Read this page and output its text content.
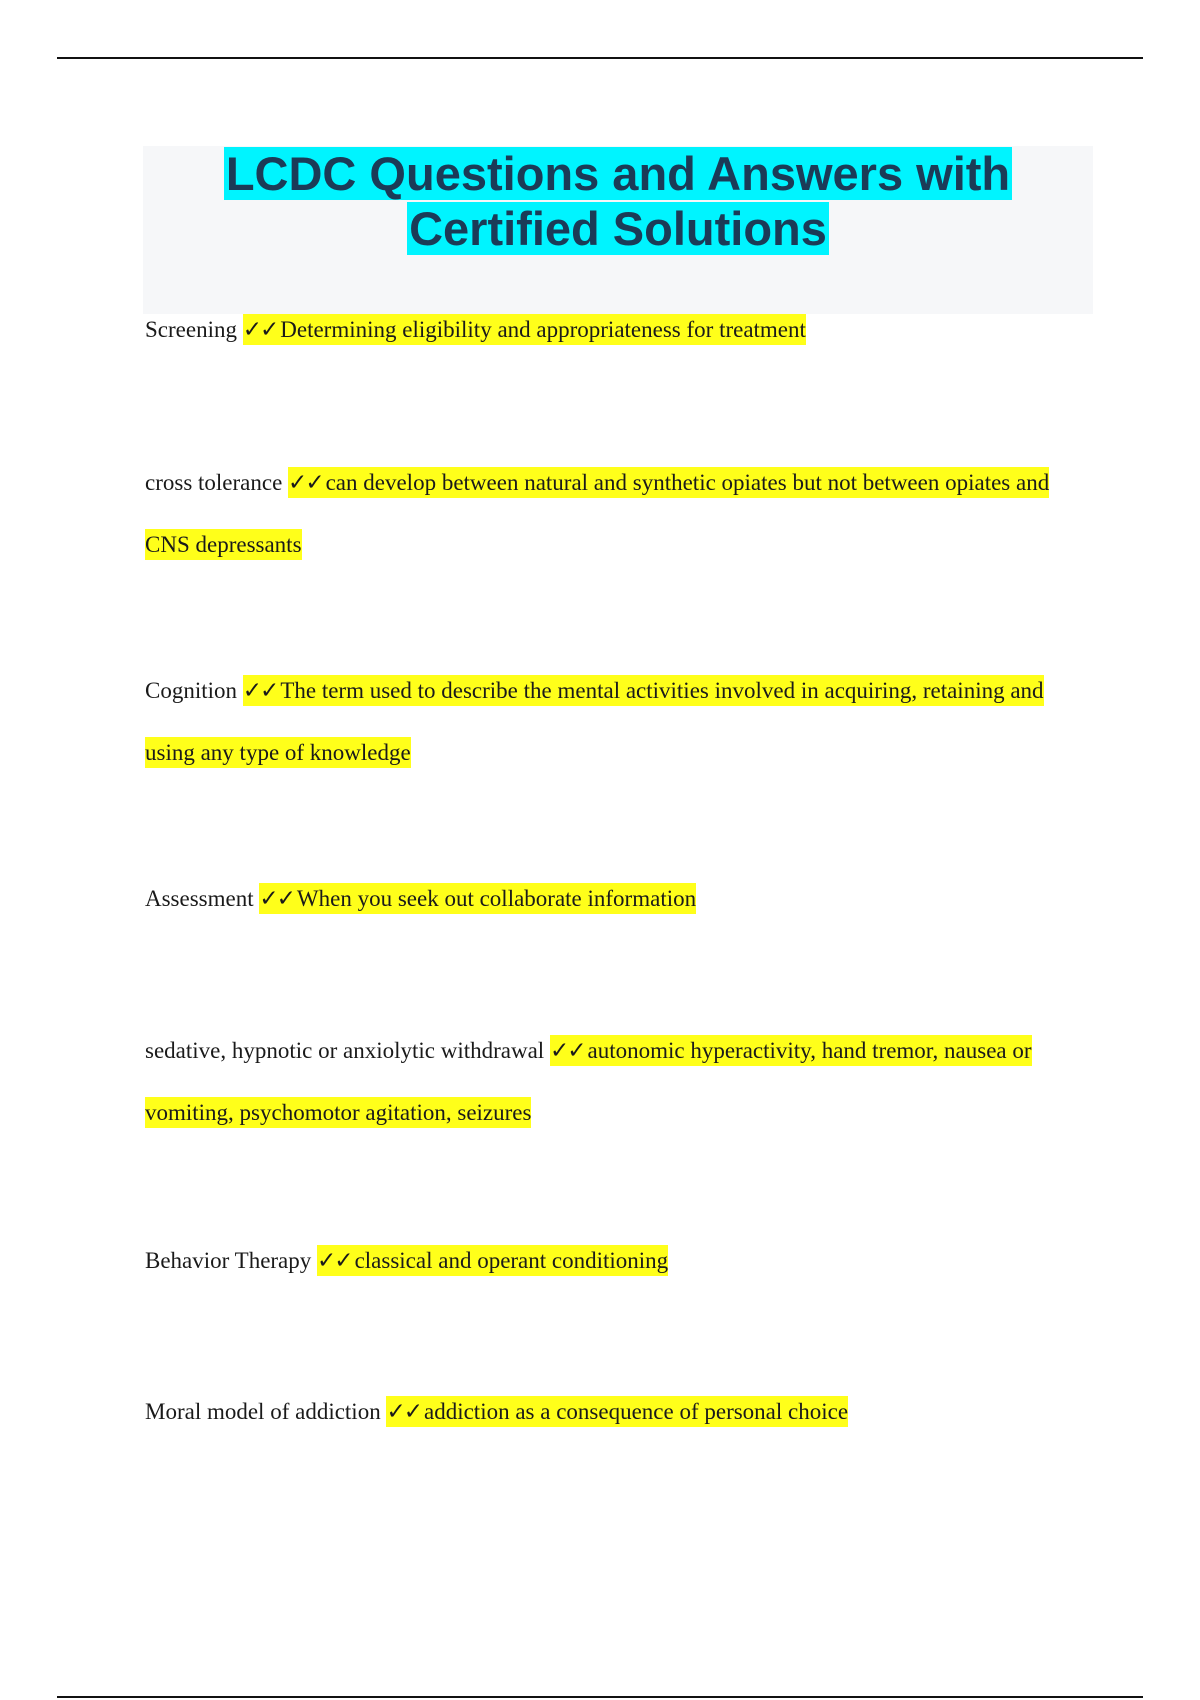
LCDC Questions and Answers with
Certified Solutions

Screening ✓✓ Determining eligibility and appropriateness for treatment

cross tolerance ✓✓ can develop between natural and synthetic opiates but not between opiates and CNS depressants

Cognition ✓✓ The term used to describe the mental activities involved in acquiring, retaining and using any type of knowledge

Assessment ✓✓ When you seek out collaborate information

sedative, hypnotic or anxiolytic withdrawal ✓✓ autonomic hyperactivity, hand tremor, nausea or vomiting, psychomotor agitation, seizures

Behavior Therapy ✓✓ classical and operant conditioning

Moral model of addiction ✓✓ addiction as a consequence of personal choice
